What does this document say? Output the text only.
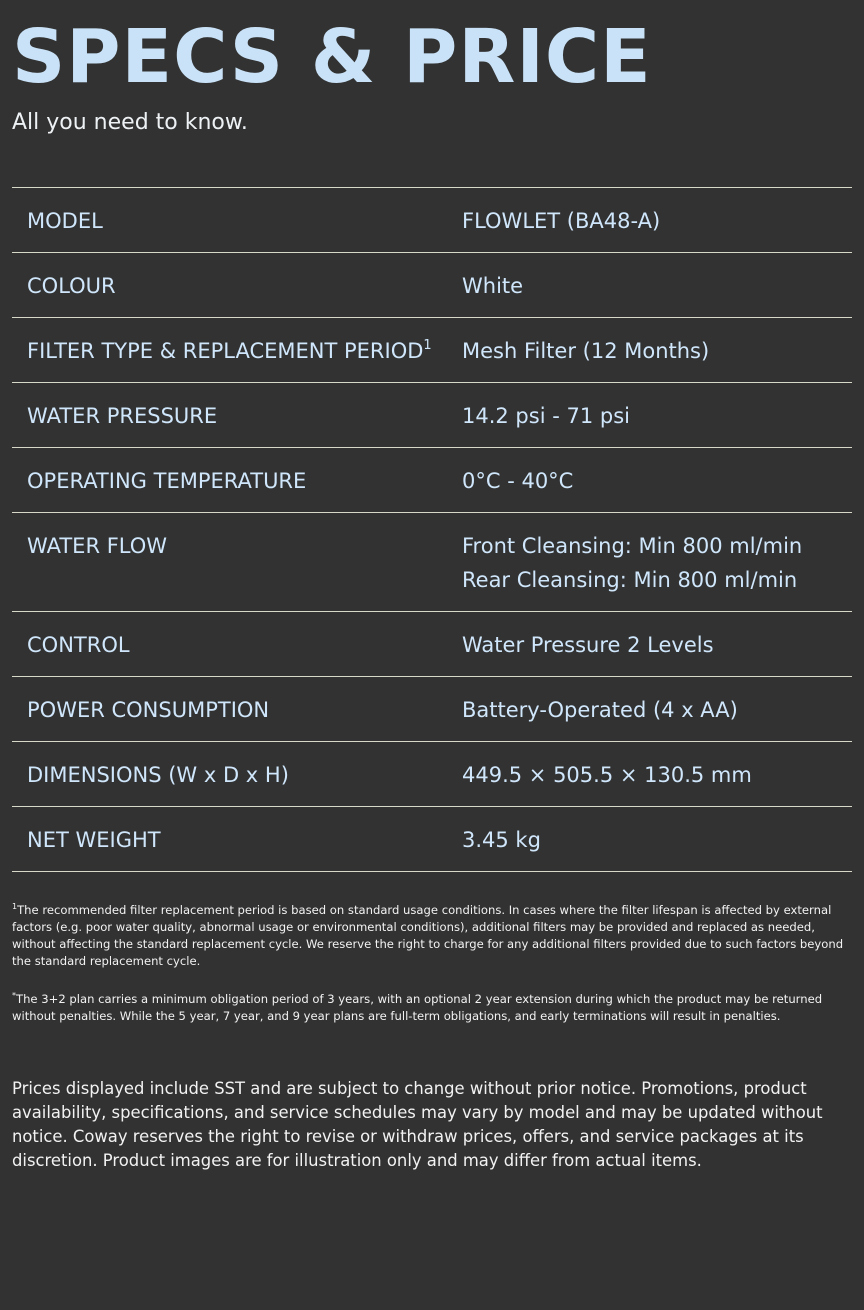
SPECS & PRICE

All you need to know.

MODEL	FLOWLET (BA48-A)
COLOUR	White
FILTER TYPE & REPLACEMENT PERIOD$^1$	Mesh Filter (12 Months)
WATER PRESSURE	14.2 psi - 71 psi
OPERATING TEMPERATURE	0°C - 40°C
WATER FLOW	Front Cleansing: Min 800 ml/min
Rear Cleansing: Min 800 ml/min
CONTROL	Water Pressure 2 Levels
POWER CONSUMPTION	Battery-Operated (4 x AA)
DIMENSIONS (W x D x H)	449.5 × 505.5 × 130.5 mm
NET WEIGHT	3.45 kg

$^1$The recommended filter replacement period is based on standard usage conditions. In cases where the filter lifespan is affected by external factors (e.g. poor water quality, abnormal usage or environmental conditions), additional filters may be provided and replaced as needed, without affecting the standard replacement cycle. We reserve the right to charge for any additional filters provided due to such factors beyond the standard replacement cycle.

*The 3+2 plan carries a minimum obligation period of 3 years, with an optional 2 year extension during which the product may be returned without penalties. While the 5 year, 7 year, and 9 year plans are full-term obligations, and early terminations will result in penalties.

Prices displayed include SST and are subject to change without prior notice. Promotions, product availability, specifications, and service schedules may vary by model and may be updated without notice. Coway reserves the right to revise or withdraw prices, offers, and service packages at its discretion. Product images are for illustration only and may differ from actual items.
